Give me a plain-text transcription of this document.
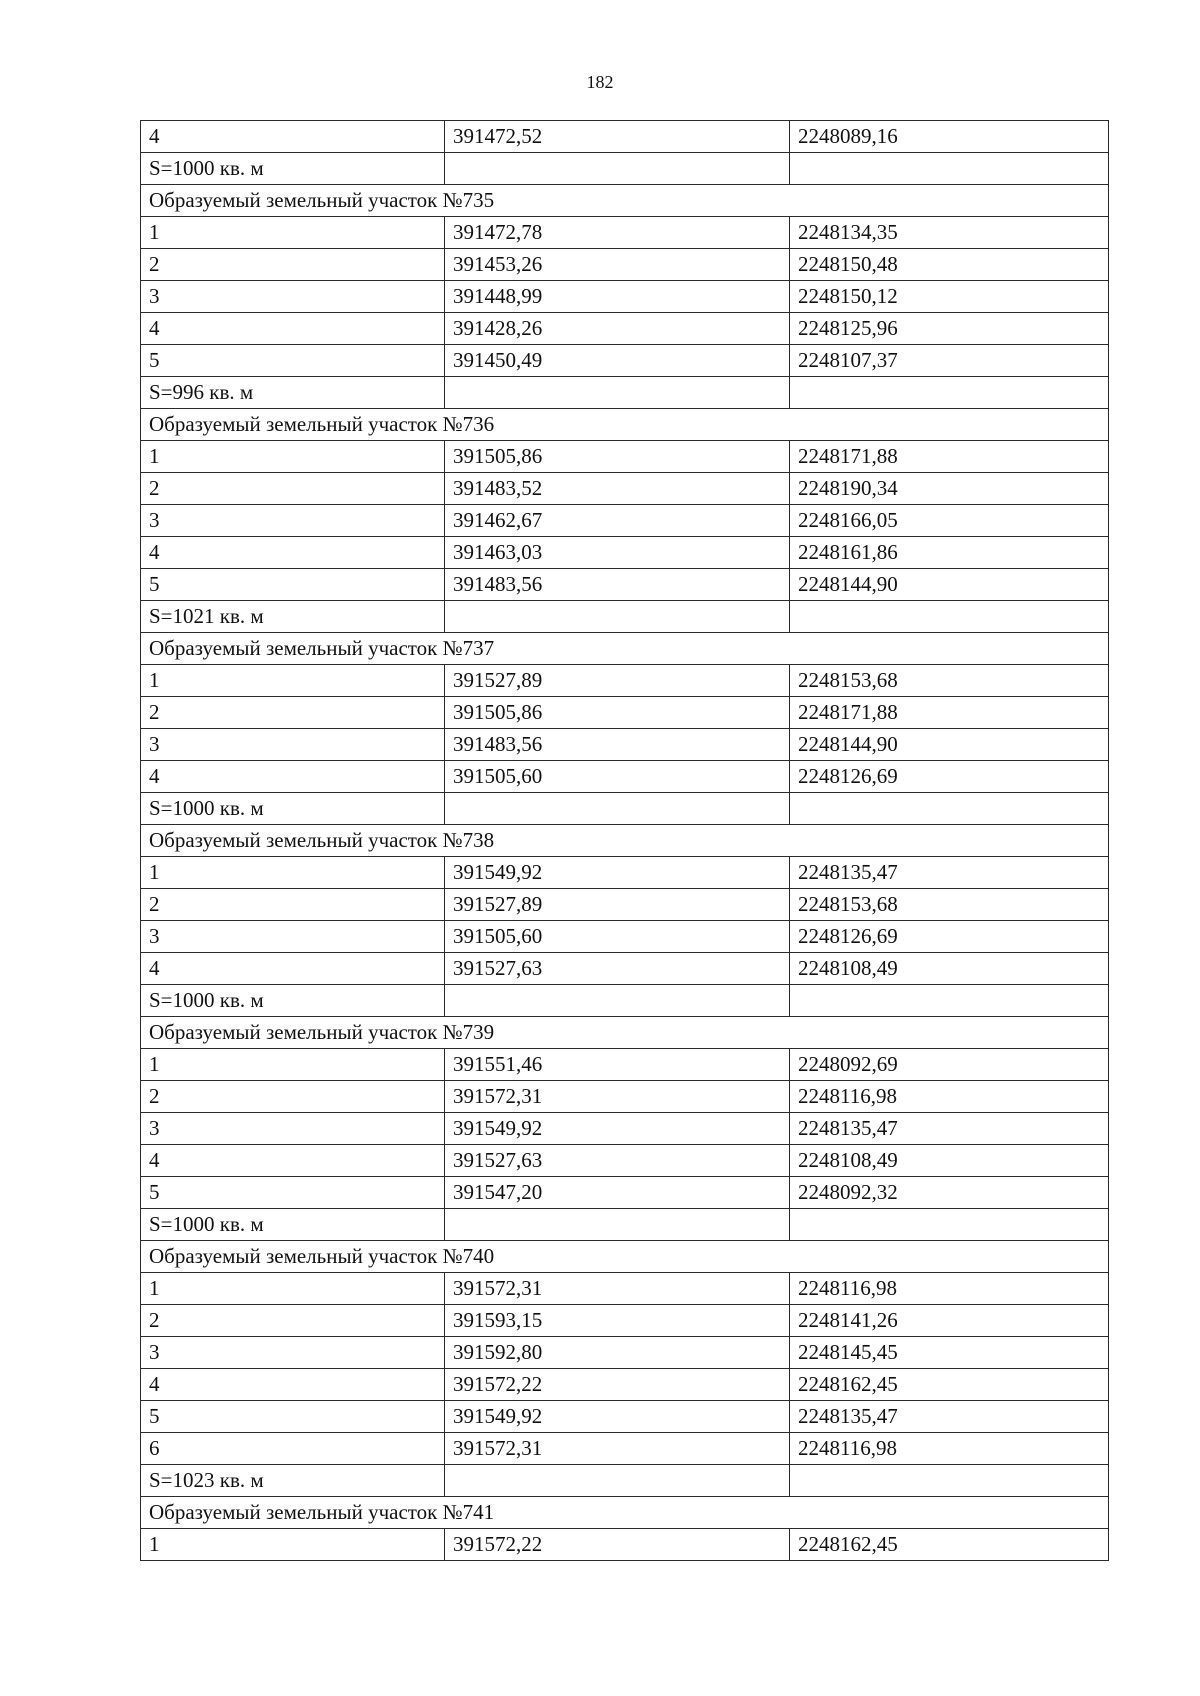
182
4	391472,52	2248089,16
S=1000 кв. м		
Образуемый земельный участок №735		
1	391472,78	2248134,35
2	391453,26	2248150,48
3	391448,99	2248150,12
4	391428,26	2248125,96
5	391450,49	2248107,37
S=996 кв. м		
Образуемый земельный участок №736		
1	391505,86	2248171,88
2	391483,52	2248190,34
3	391462,67	2248166,05
4	391463,03	2248161,86
5	391483,56	2248144,90
S=1021 кв. м		
Образуемый земельный участок №737		
1	391527,89	2248153,68
2	391505,86	2248171,88
3	391483,56	2248144,90
4	391505,60	2248126,69
S=1000 кв. м		
Образуемый земельный участок №738		
1	391549,92	2248135,47
2	391527,89	2248153,68
3	391505,60	2248126,69
4	391527,63	2248108,49
S=1000 кв. м		
Образуемый земельный участок №739		
1	391551,46	2248092,69
2	391572,31	2248116,98
3	391549,92	2248135,47
4	391527,63	2248108,49
5	391547,20	2248092,32
S=1000 кв. м		
Образуемый земельный участок №740		
1	391572,31	2248116,98
2	391593,15	2248141,26
3	391592,80	2248145,45
4	391572,22	2248162,45
5	391549,92	2248135,47
6	391572,31	2248116,98
S=1023 кв. м		
Образуемый земельный участок №741		
1	391572,22	2248162,45
